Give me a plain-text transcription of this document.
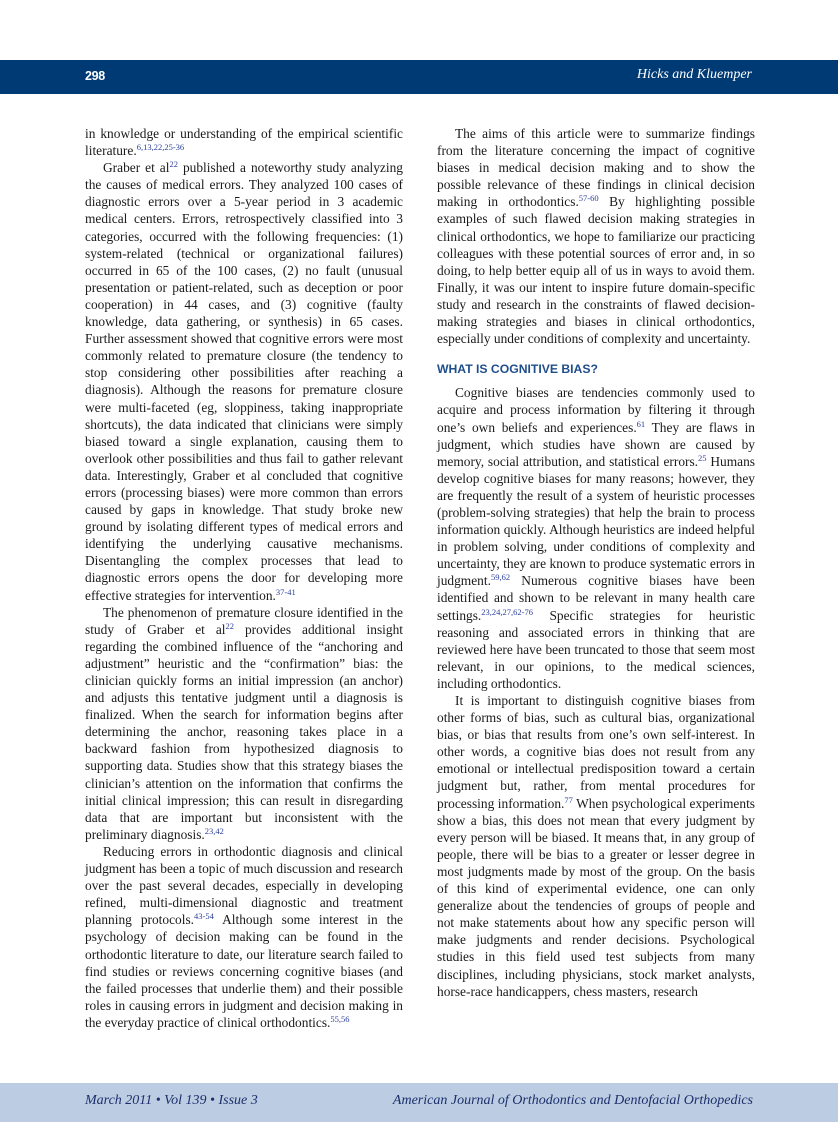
298	Hicks and Kluemper

in knowledge or understanding of the empirical scientific literature.$^{6,13,22,25-36}$

Graber et $al^{22}$ published a noteworthy study analyzing the causes of medical errors. They analyzed 100 cases of diagnostic errors over a 5-year period in 3 academic medical centers. Errors, retrospectively classified into 3 categories, occurred with the following frequencies: (1) system-related (technical or organizational failures) occurred in 65 of the 100 cases, (2) no fault (unusual presentation or patient-related, such as deception or poor cooperation) in 44 cases, and (3) cognitive (faulty knowledge, data gathering, or synthesis) in 65 cases. Further assessment showed that cognitive errors were most commonly related to premature closure (the tendency to stop considering other possibilities after reaching a diagnosis). Although the reasons for premature closure were multi-faceted (eg, sloppiness, taking inappropriate shortcuts), the data indicated that clinicians were simply biased toward a single explanation, causing them to overlook other possibilities and thus fail to gather relevant data. Interestingly, Graber et al concluded that cognitive errors (processing biases) were more common than errors caused by gaps in knowledge. That study broke new ground by isolating different types of medical errors and identifying the underlying causative mechanisms. Disentangling the complex processes that lead to diagnostic errors opens the door for developing more effective strategies for intervention.$^{37-41}$

The phenomenon of premature closure identified in the study of Graber et $al^{22}$ provides additional insight regarding the combined influence of the “anchoring and adjustment” heuristic and the “confirmation” bias: the clinician quickly forms an initial impression (an anchor) and adjusts this tentative judgment until a diagnosis is finalized. When the search for information begins after determining the anchor, reasoning takes place in a backward fashion from hypothesized diagnosis to supporting data. Studies show that this strategy biases the clinician’s attention on the information that confirms the initial clinical impression; this can result in disregarding data that are important but inconsistent with the preliminary diagnosis.$^{23,42}$

Reducing errors in orthodontic diagnosis and clinical judgment has been a topic of much discussion and research over the past several decades, especially in developing refined, multi-dimensional diagnostic and treatment planning protocols.$^{43-54}$ Although some interest in the psychology of decision making can be found in the orthodontic literature to date, our literature search failed to find studies or reviews concerning cognitive biases (and the failed processes that underlie them) and their possible roles in causing errors in judgment and decision making in the everyday practice of clinical orthodontics.$^{55,56}$

The aims of this article were to summarize findings from the literature concerning the impact of cognitive biases in medical decision making and to show the possible relevance of these findings in clinical decision making in orthodontics.$^{57-60}$ By highlighting possible examples of such flawed decision making strategies in clinical orthodontics, we hope to familiarize our practicing colleagues with these potential sources of error and, in so doing, to help better equip all of us in ways to avoid them. Finally, it was our intent to inspire future domain-specific study and research in the constraints of flawed decision-making strategies and biases in clinical orthodontics, especially under conditions of complexity and uncertainty.

WHAT IS COGNITIVE BIAS?

Cognitive biases are tendencies commonly used to acquire and process information by filtering it through one’s own beliefs and experiences.$^{61}$ They are flaws in judgment, which studies have shown are caused by memory, social attribution, and statistical errors.$^{25}$ Humans develop cognitive biases for many reasons; however, they are frequently the result of a system of heuristic processes (problem-solving strategies) that help the brain to process information quickly. Although heuristics are indeed helpful in problem solving, under conditions of complexity and uncertainty, they are known to produce systematic errors in judgment.$^{59,62}$ Numerous cognitive biases have been identified and shown to be relevant in many health care settings.$^{23,24,27,62-76}$ Specific strategies for heuristic reasoning and associated errors in thinking that are reviewed here have been truncated to those that seem most relevant, in our opinions, to the medical sciences, including orthodontics.

It is important to distinguish cognitive biases from other forms of bias, such as cultural bias, organizational bias, or bias that results from one’s own self-interest. In other words, a cognitive bias does not result from any emotional or intellectual predisposition toward a certain judgment but, rather, from mental procedures for processing information.$^{77}$ When psychological experiments show a bias, this does not mean that every judgment by every person will be biased. It means that, in any group of people, there will be bias to a greater or lesser degree in most judgments made by most of the group. On the basis of this kind of experimental evidence, one can only generalize about the tendencies of groups of people and not make statements about how any specific person will make judgments and render decisions. Psychological studies in this field used test subjects from many disciplines, including physicians, stock market analysts, horse-race handicappers, chess masters, research

March 2011 • Vol 139 • Issue 3	American Journal of Orthodontics and Dentofacial Orthopedics
